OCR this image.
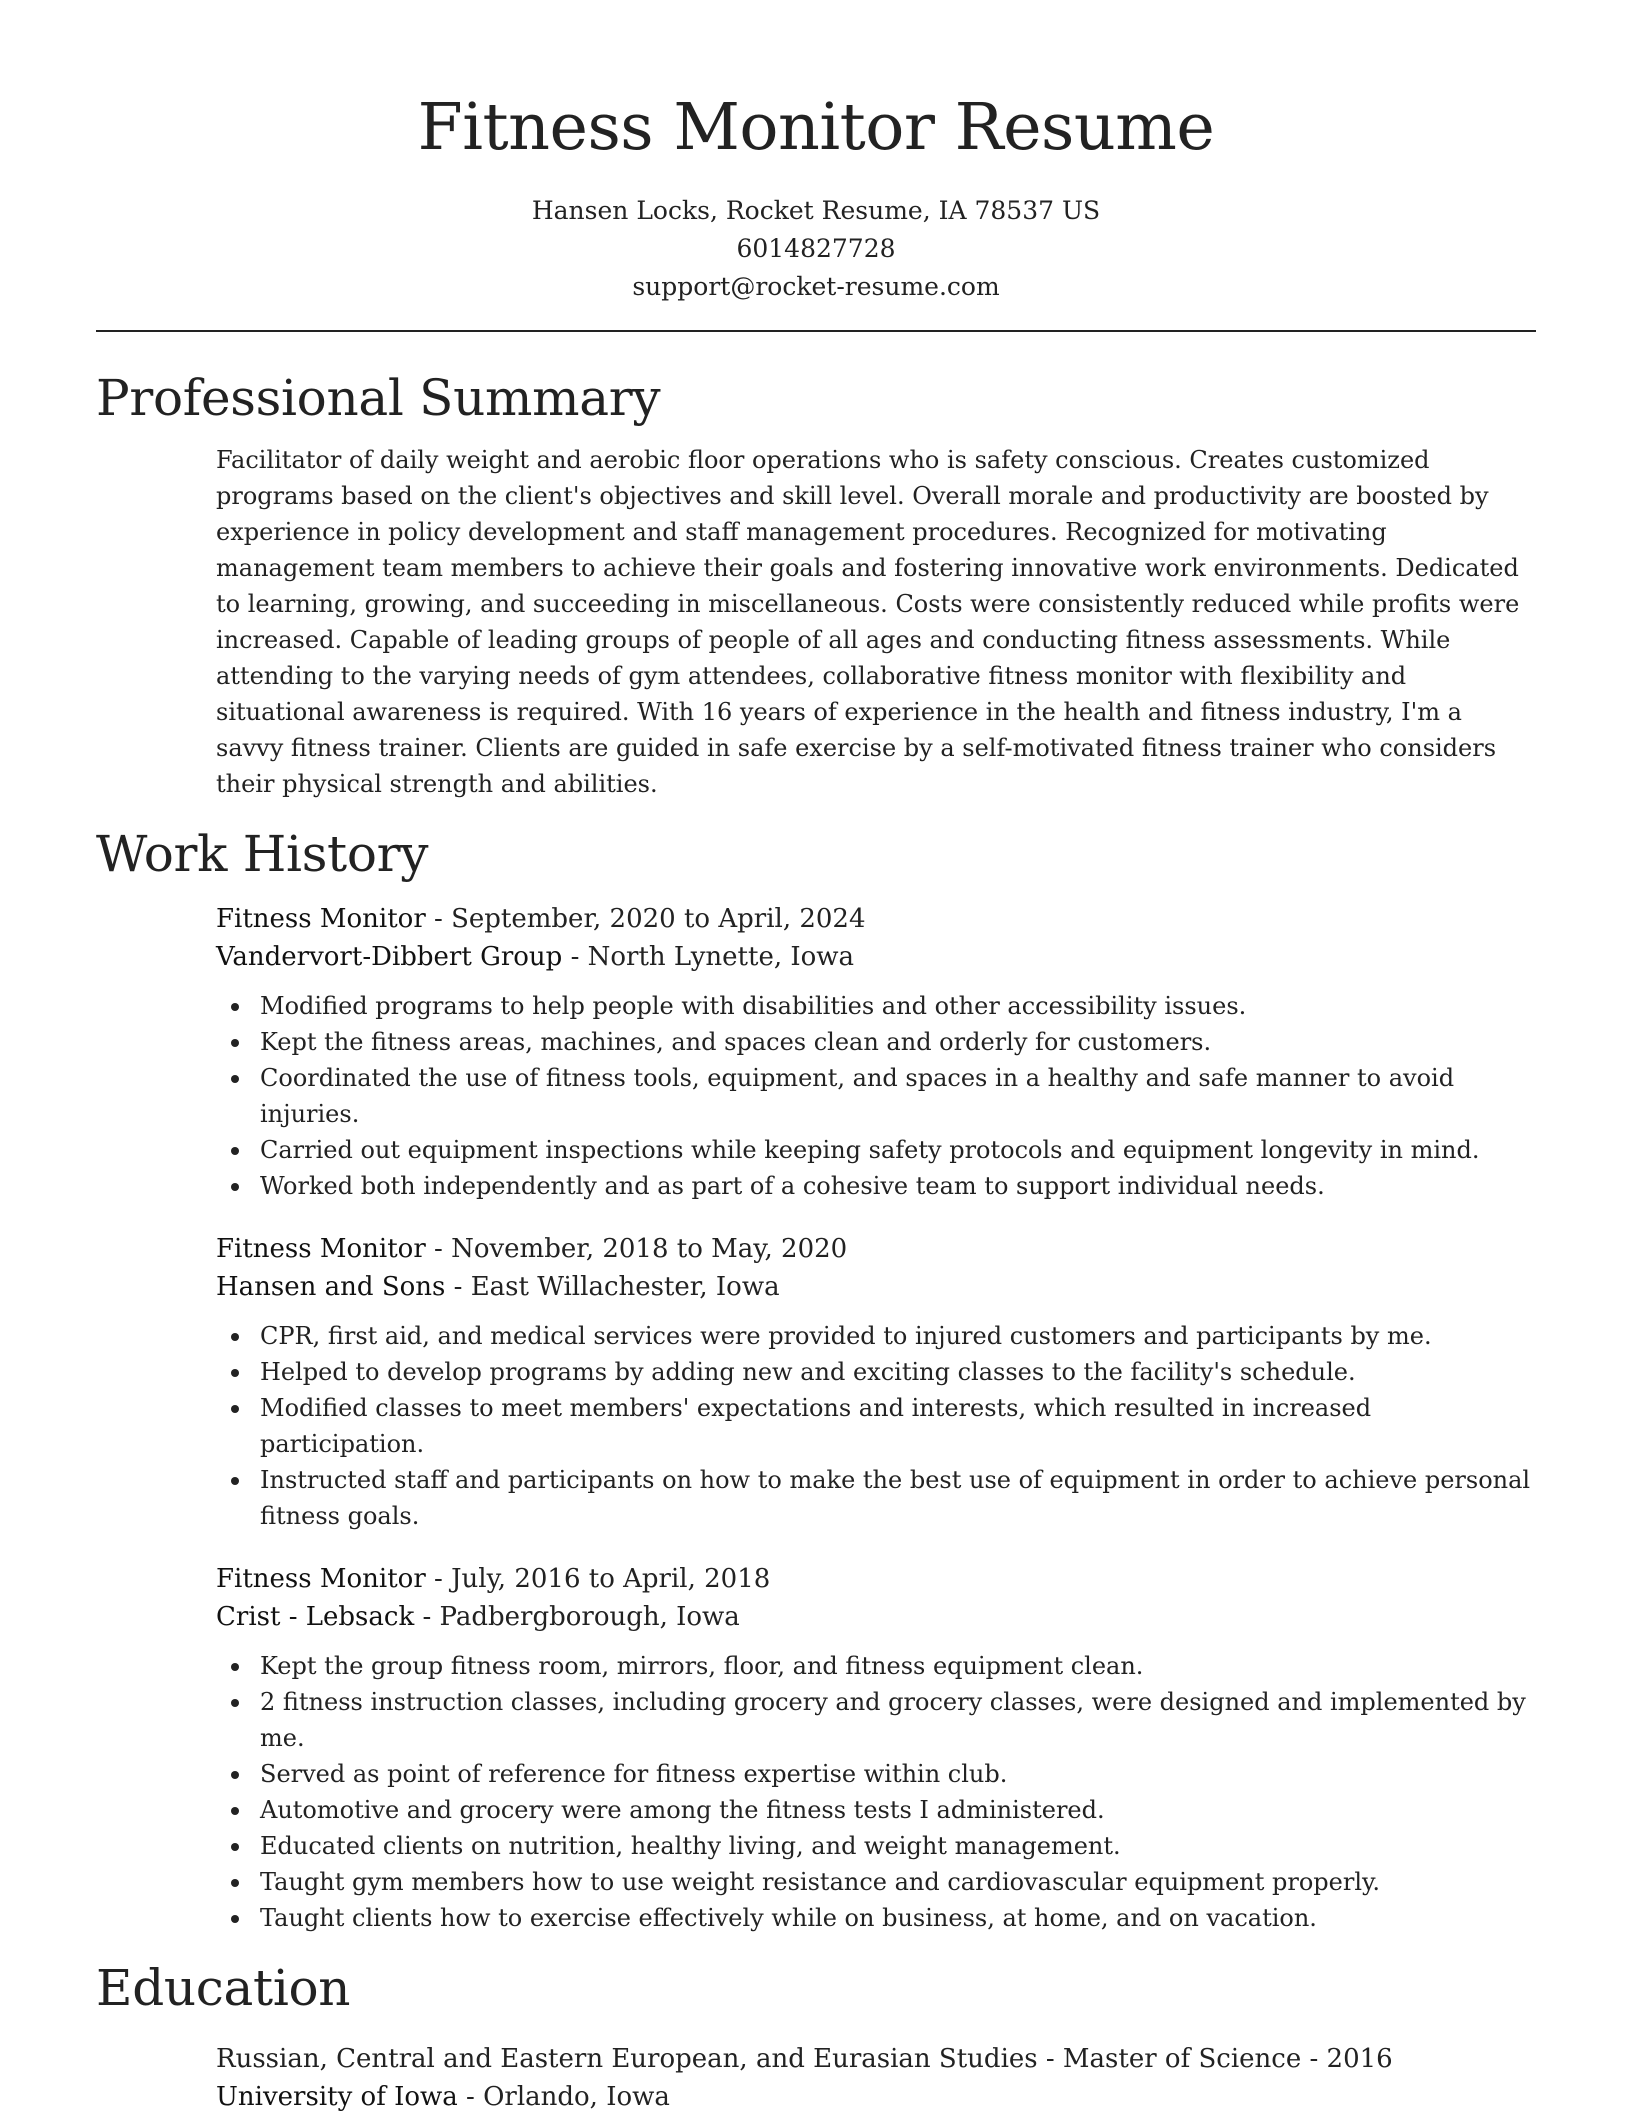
Fitness Monitor Resume
Hansen Locks, Rocket Resume, IA 78537 US
6014827728
support@rocket-resume.com
Professional Summary

Facilitator of daily weight and aerobic floor operations who is safety conscious. Creates customized programs based on the client's objectives and skill level. Overall morale and productivity are boosted by experience in policy development and staff management procedures. Recognized for motivating management team members to achieve their goals and fostering innovative work environments. Dedicated to learning, growing, and succeeding in miscellaneous. Costs were consistently reduced while profits were increased. Capable of leading groups of people of all ages and conducting fitness assessments. While attending to the varying needs of gym attendees, collaborative fitness monitor with flexibility and situational awareness is required. With 16 years of experience in the health and fitness industry, I'm a savvy fitness trainer. Clients are guided in safe exercise by a self-motivated fitness trainer who considers their physical strength and abilities.

Work History
Fitness Monitor - September, 2020 to April, 2024
Vandervort-Dibbert Group - North Lynette, Iowa
Modified programs to help people with disabilities and other accessibility issues.
Kept the fitness areas, machines, and spaces clean and orderly for customers.
Coordinated the use of fitness tools, equipment, and spaces in a healthy and safe manner to avoid injuries.
Carried out equipment inspections while keeping safety protocols and equipment longevity in mind.
Worked both independently and as part of a cohesive team to support individual needs.
Fitness Monitor - November, 2018 to May, 2020
Hansen and Sons - East Willachester, Iowa
CPR, first aid, and medical services were provided to injured customers and participants by me.
Helped to develop programs by adding new and exciting classes to the facility's schedule.
Modified classes to meet members' expectations and interests, which resulted in increased participation.
Instructed staff and participants on how to make the best use of equipment in order to achieve personal fitness goals.
Fitness Monitor - July, 2016 to April, 2018
Crist - Lebsack - Padbergborough, Iowa
Kept the group fitness room, mirrors, floor, and fitness equipment clean.
2 fitness instruction classes, including grocery and grocery classes, were designed and implemented by me.
Served as point of reference for fitness expertise within club.
Automotive and grocery were among the fitness tests I administered.
Educated clients on nutrition, healthy living, and weight management.
Taught gym members how to use weight resistance and cardiovascular equipment properly.
Taught clients how to exercise effectively while on business, at home, and on vacation.
Education
Russian, Central and Eastern European, and Eurasian Studies - Master of Science - 2016
University of Iowa - Orlando, Iowa
